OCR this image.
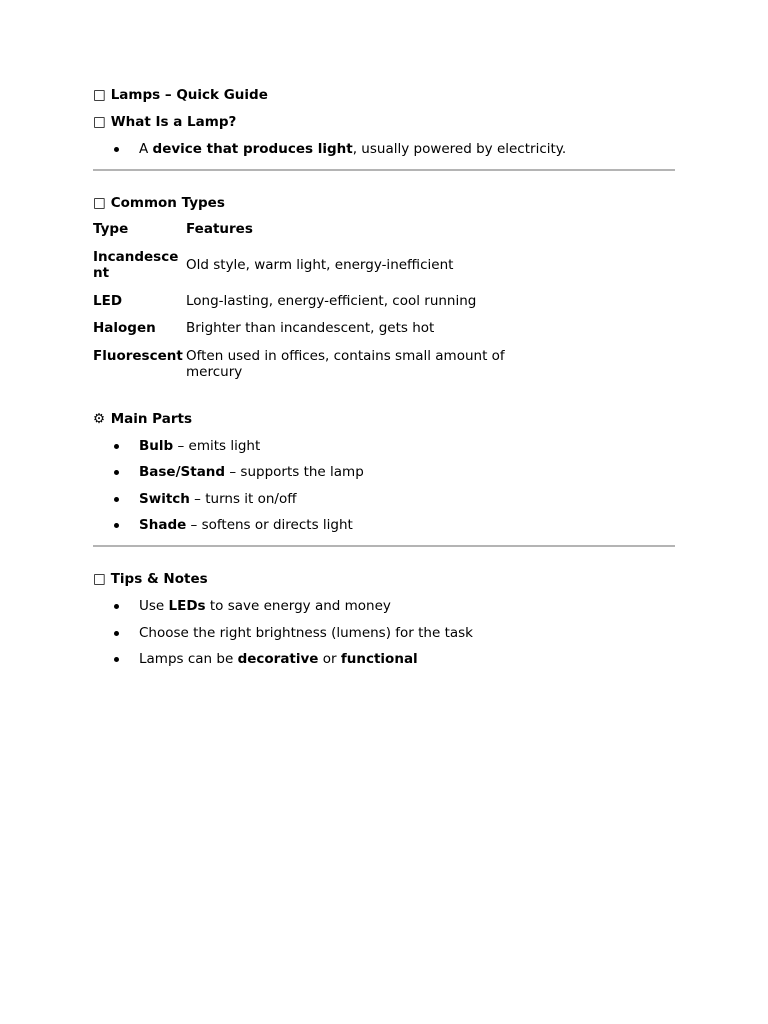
□ Lamps – Quick Guide
□ What Is a Lamp?
A device that produces light, usually powered by electricity.
□ Common Types
Type	Features
Incandescent	Old style, warm light, energy-inefficient
LED	Long-lasting, energy-efficient, cool running
Halogen	Brighter than incandescent, gets hot
Fluorescent	Often used in offices, contains small amount of mercury
⚙ Main Parts
Bulb – emits light
Base/Stand – supports the lamp
Switch – turns it on/off
Shade – softens or directs light
□ Tips & Notes
Use LEDs to save energy and money
Choose the right brightness (lumens) for the task
Lamps can be decorative or functional
